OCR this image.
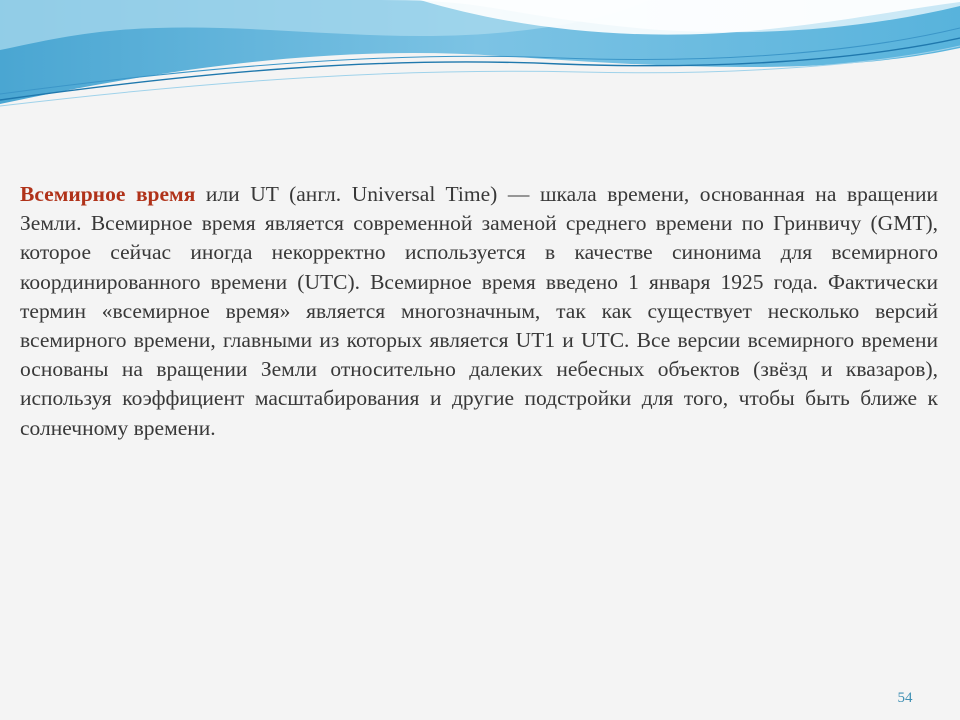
Всемирное время или UT (англ. Universal Time) — шкала времени, основанная на вращении Земли. Всемирное время является современной заменой среднего времени по Гринвичу (GMT), которое сейчас иногда некорректно используется в качестве синонима для всемирного координированного времени (UTC). Всемирное время введено 1 января 1925 года. Фактически термин «всемирное время» является многозначным, так как существует несколько версий всемирного времени, главными из которых является UT1 и UTC. Все версии всемирного времени основаны на вращении Земли относительно далеких небесных объектов (звёзд и квазаров), используя коэффициент масштабирования и другие подстройки для того, чтобы быть ближе к солнечному времени.

54
